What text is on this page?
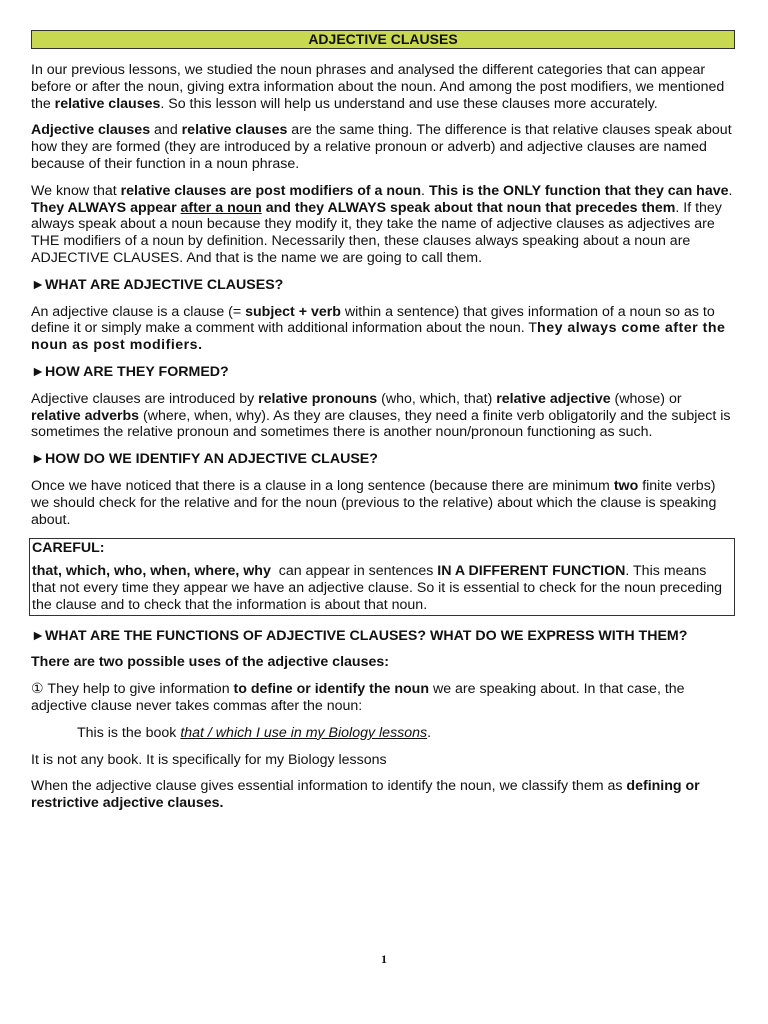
ADJECTIVE CLAUSES

In our previous lessons, we studied the noun phrases and analysed the different categories that can appear before or after the noun, giving extra information about the noun. And among the post modifiers, we mentioned the relative clauses. So this lesson will help us understand and use these clauses more accurately.

Adjective clauses and relative clauses are the same thing. The difference is that relative clauses speak about how they are formed (they are introduced by a relative pronoun or adverb) and adjective clauses are named because of their function in a noun phrase.

We know that relative clauses are post modifiers of a noun. This is the ONLY function that they can have. They ALWAYS appear after a noun and they ALWAYS speak about that noun that precedes them. If they always speak about a noun because they modify it, they take the name of adjective clauses as adjectives are THE modifiers of a noun by definition. Necessarily then, these clauses always speaking about a noun are ADJECTIVE CLAUSES. And that is the name we are going to call them.

►WHAT ARE ADJECTIVE CLAUSES?

An adjective clause is a clause (= subject + verb within a sentence) that gives information of a noun so as to define it or simply make a comment with additional information about the noun. They always come after the noun as post modifiers.

►HOW ARE THEY FORMED?

Adjective clauses are introduced by relative pronouns (who, which, that) relative adjective (whose) or relative adverbs (where, when, why). As they are clauses, they need a finite verb obligatorily and the subject is sometimes the relative pronoun and sometimes there is another noun/pronoun functioning as such.

►HOW DO WE IDENTIFY AN ADJECTIVE CLAUSE?

Once we have noticed that there is a clause in a long sentence (because there are minimum two finite verbs) we should check for the relative and for the noun (previous to the relative) about which the clause is speaking about.

CAREFUL:

that, which, who, when, where, why  can appear in sentences IN A DIFFERENT FUNCTION. This means that not every time they appear we have an adjective clause. So it is essential to check for the noun preceding the clause and to check that the information is about that noun.

►WHAT ARE THE FUNCTIONS OF ADJECTIVE CLAUSES? WHAT DO WE EXPRESS WITH THEM?

There are two possible uses of the adjective clauses:

① They help to give information to define or identify the noun we are speaking about. In that case, the adjective clause never takes commas after the noun:

This is the book that / which I use in my Biology lessons.

It is not any book. It is specifically for my Biology lessons

When the adjective clause gives essential information to identify the noun, we classify them as defining or restrictive adjective clauses.

1
